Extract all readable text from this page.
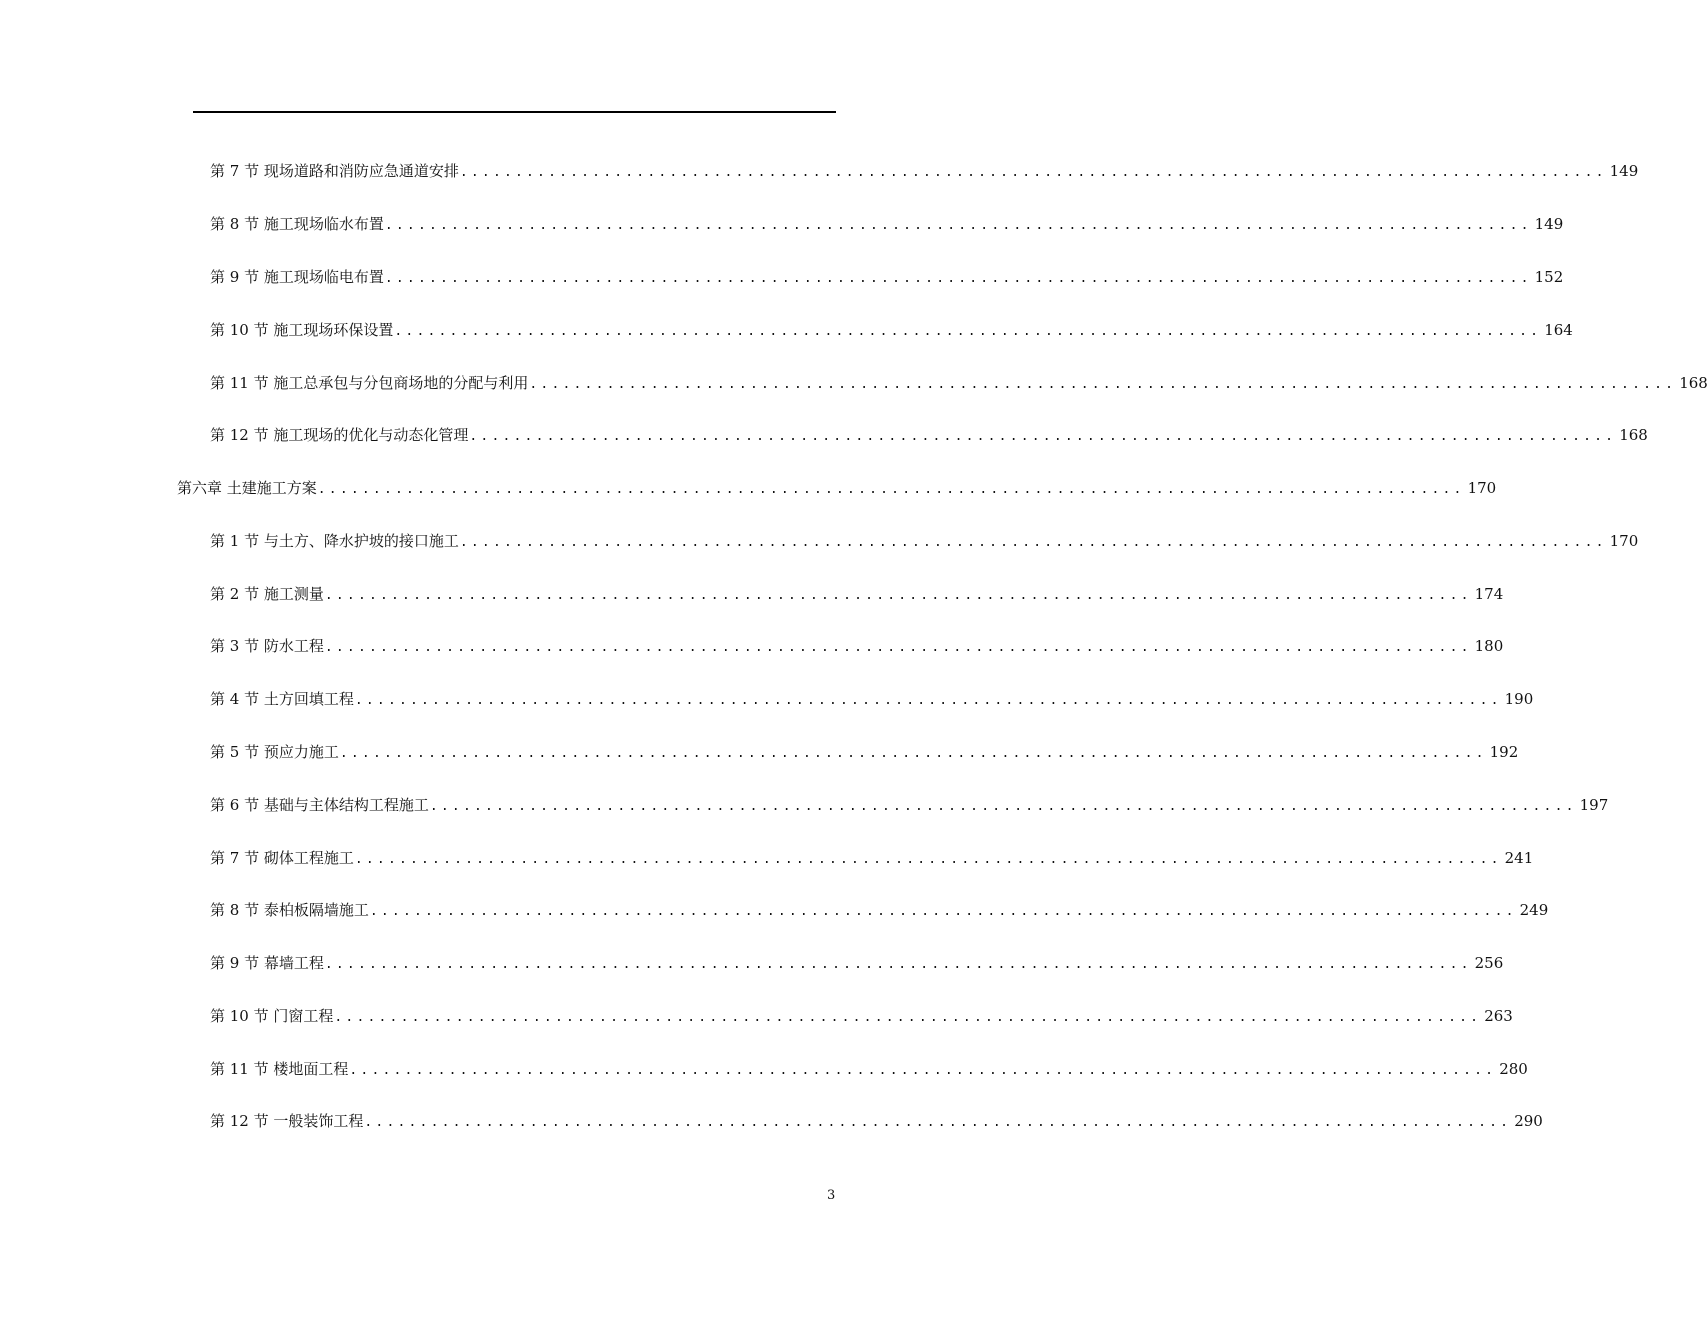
第 7 节 现场道路和消防应急通道安排 ........................................................................................................ 149
第 8 节 施工现场临水布置 ........................................................................................................ 149
第 9 节 施工现场临电布置 ........................................................................................................ 152
第 10 节 施工现场环保设置 ........................................................................................................ 164
第 11 节 施工总承包与分包商场地的分配与利用 ........................................................................................................ 168
第 12 节 施工现场的优化与动态化管理 ........................................................................................................ 168
第六章 土建施工方案 ........................................................................................................ 170
第 1 节 与土方、降水护坡的接口施工 ........................................................................................................ 170
第 2 节 施工测量 ........................................................................................................ 174
第 3 节 防水工程 ........................................................................................................ 180
第 4 节 土方回填工程 ........................................................................................................ 190
第 5 节 预应力施工 ........................................................................................................ 192
第 6 节 基础与主体结构工程施工 ........................................................................................................ 197
第 7 节 砌体工程施工 ........................................................................................................ 241
第 8 节 泰柏板隔墙施工 ........................................................................................................ 249
第 9 节 幕墙工程 ........................................................................................................ 256
第 10 节 门窗工程 ........................................................................................................ 263
第 11 节 楼地面工程 ........................................................................................................ 280
第 12 节 一般装饰工程 ........................................................................................................ 290
3
